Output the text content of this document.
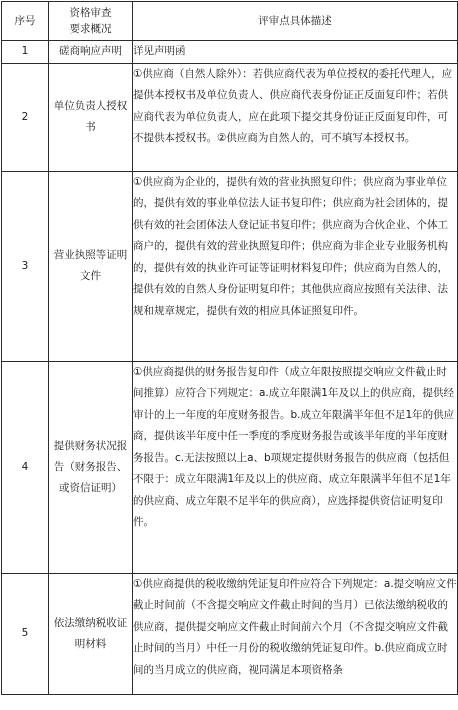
序号	资格审查要求概况	评审点具体描述
1	磋商响应声明	详见声明函
2	单位负责人授权书	①供应商（自然人除外）：若供应商代表为单位授权的委托代理人，应提供本授权书及单位负责人、供应商代表身份证正反面复印件；若供应商代表为单位负责人，应在此项下提交其身份证正反面复印件，可不提供本授权书。②供应商为自然人的，可不填写本授权书。
3	营业执照等证明文件	①供应商为企业的，提供有效的营业执照复印件；供应商为事业单位的，提供有效的事业单位法人证书复印件；供应商为社会团体的，提供有效的社会团体法人登记证书复印件；供应商为合伙企业、个体工商户的，提供有效的营业执照复印件；供应商为非企业专业服务机构的，提供有效的执业许可证等证明材料复印件；供应商为自然人的，提供有效的自然人身份证明复印件；其他供应商应按照有关法律、法规和规章规定，提供有效的相应具体证照复印件。
4	提供财务状况报告（财务报告、或资信证明）	①供应商提供的财务报告复印件（成立年限按照提交响应文件截止时间推算）应符合下列规定：a.成立年限满1年及以上的供应商，提供经审计的上一年度的年度财务报告。b.成立年限满半年但不足1年的供应商，提供该半年度中任一季度的季度财务报告或该半年度的半年度财务报告。c.无法按照以上a、b项规定提供财务报告的供应商（包括但不限于：成立年限满1年及以上的供应商、成立年限满半年但不足1年的供应商、成立年限不足半年的供应商），应选择提供资信证明复印件。
5	依法缴纳税收证明材料	①供应商提供的税收缴纳凭证复印件应符合下列规定：a.提交响应文件截止时间前（不含提交响应文件截止时间的当月）已依法缴纳税收的供应商，提供提交响应文件截止时间前六个月（不含提交响应文件截止时间的当月）中任一月份的税收缴纳凭证复印件。b.供应商成立时间的当月成立的供应商，视同满足本项资格条
